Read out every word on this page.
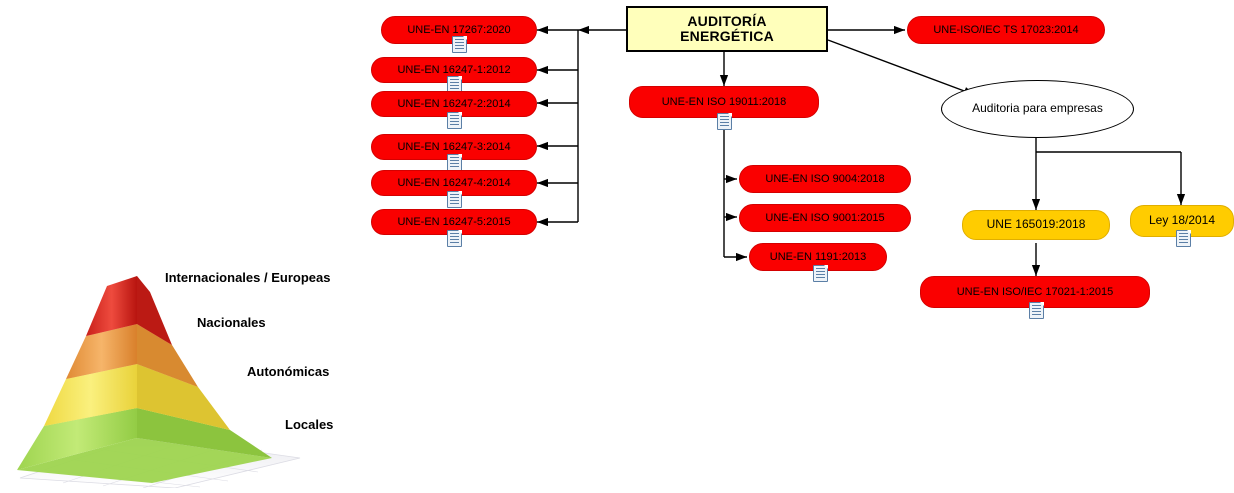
AUDITORÍA
ENERGÉTICA
UNE-EN 17267:2020
UNE-EN 16247-1:2012
UNE-EN 16247-2:2014
UNE-EN 16247-3:2014
UNE-EN 16247-4:2014
UNE-EN 16247-5:2015
UNE-ISO/IEC TS 17023:2014
UNE-EN ISO 19011:2018
UNE-EN ISO 9004:2018
UNE-EN ISO 9001:2015
UNE-EN 1191:2013
Auditoria para empresas
UNE 165019:2018	Ley 18/2014
UNE-EN ISO/IEC 17021-1:2015
Internacionales / Europeas
Nacionales
Autonómicas
Locales
